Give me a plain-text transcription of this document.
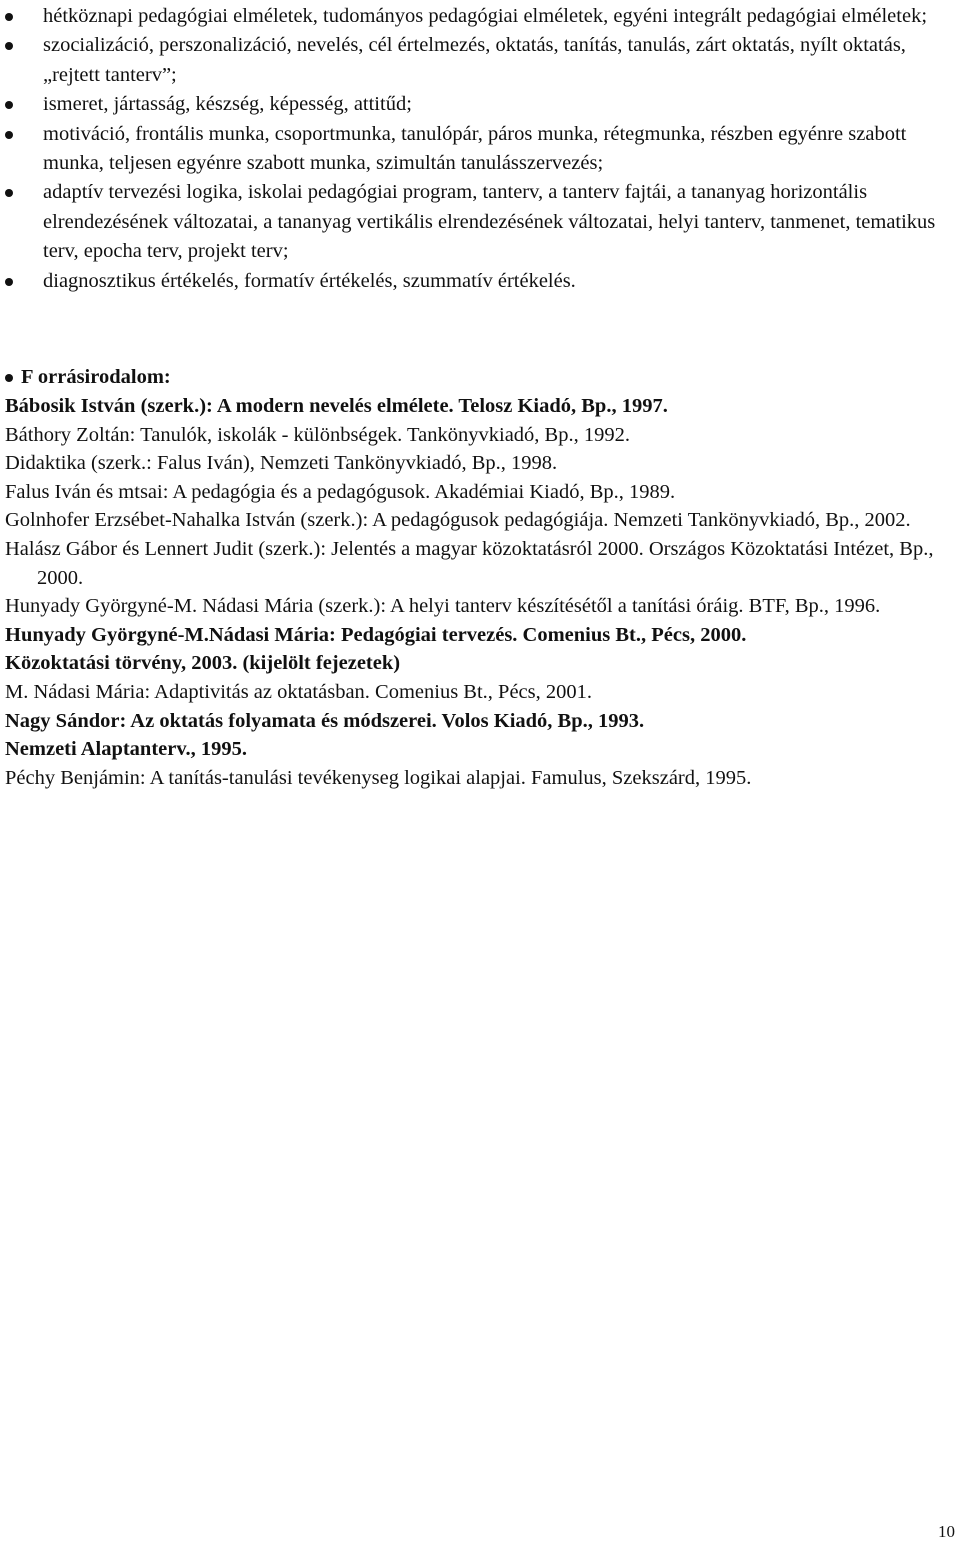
hétköznapi pedagógiai elméletek, tudományos pedagógiai elméletek, egyéni integrált pedagógiai elméletek;
szocializáció, perszonalizáció, nevelés, cél értelmezés, oktatás, tanítás, tanulás, zárt oktatás, nyílt oktatás, „rejtett tanterv”;
ismeret, jártasság, készség, képesség, attitűd;
motiváció, frontális munka, csoportmunka, tanulópár, páros munka, rétegmunka, részben egyénre szabott munka, teljesen egyénre szabott munka, szimultán tanulásszervezés;
adaptív tervezési logika, iskolai pedagógiai program, tanterv, a tanterv fajtái, a tananyag horizontális elrendezésének változatai, a tananyag vertikális elrendezésének változatai, helyi tanterv, tanmenet, tematikus terv, epocha terv, projekt terv;
diagnosztikus értékelés, formatív értékelés, szummatív értékelés.
F orrásirodalom:
Bábosik István (szerk.): A modern nevelés elmélete. Telosz Kiadó, Bp., 1997.
Báthory Zoltán: Tanulók, iskolák - különbségek. Tankönyvkiadó, Bp., 1992.
Didaktika (szerk.: Falus Iván), Nemzeti Tankönyvkiadó, Bp., 1998.
Falus Iván és mtsai: A pedagógia és a pedagógusok. Akadémiai Kiadó, Bp., 1989.
Golnhofer Erzsébet-Nahalka István (szerk.): A pedagógusok pedagógiája. Nemzeti Tankönyvkiadó, Bp., 2002.
Halász Gábor és Lennert Judit (szerk.): Jelentés a magyar közoktatásról 2000. Országos Közoktatási Intézet, Bp., 2000.
Hunyady Györgyné-M. Nádasi Mária (szerk.): A helyi tanterv készítésétől a tanítási óráig. BTF, Bp., 1996.
Hunyady Györgyné-M.Nádasi Mária: Pedagógiai tervezés. Comenius Bt., Pécs, 2000.
Közoktatási törvény, 2003. (kijelölt fejezetek)
M. Nádasi Mária: Adaptivitás az oktatásban. Comenius Bt., Pécs, 2001.
Nagy Sándor: Az oktatás folyamata és módszerei. Volos Kiadó, Bp., 1993.
Nemzeti Alaptanterv., 1995.
Péchy Benjámin: A tanítás-tanulási tevékenyseg logikai alapjai. Famulus, Szekszárd, 1995.
10
